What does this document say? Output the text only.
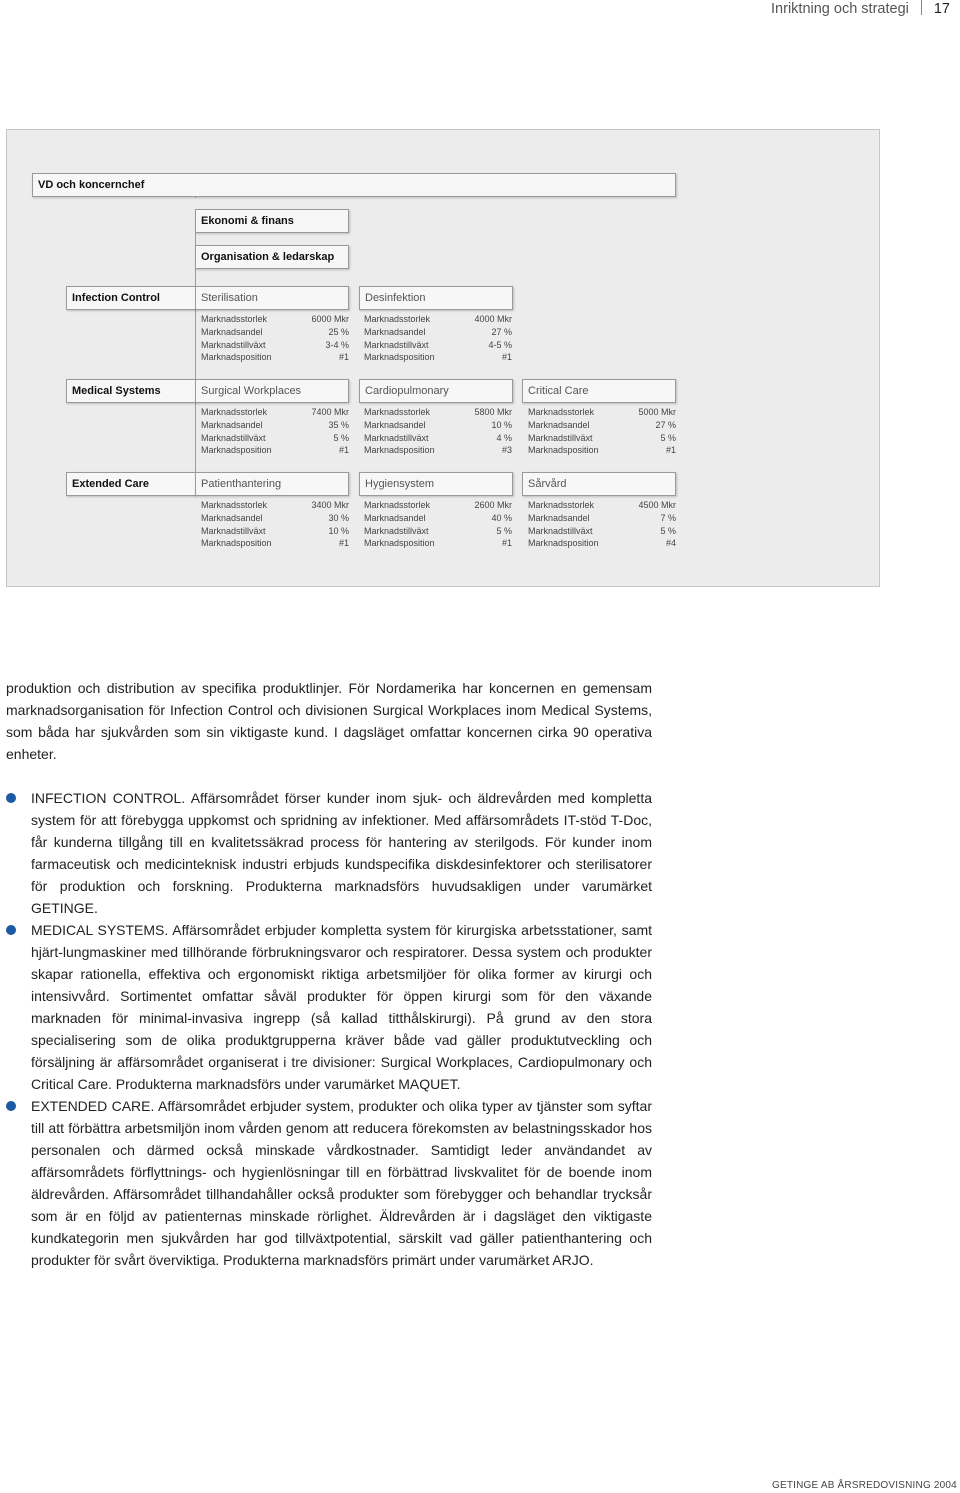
Inriktning och strategi 17
VD och koncernchef
Ekonomi & finans
Organisation & ledarskap
Infection Control	Sterilisation	Desinfektion
Marknadsstorlek	6000 Mkr
Marknadsandel	25 %
Marknadstillväxt	3-4 %
Marknadsposition	#1
Marknadsstorlek	4000 Mkr
Marknadsandel	27 %
Marknadstillväxt	4-5 %
Marknadsposition	#1
Medical Systems	Surgical Workplaces	Cardiopulmonary	Critical Care
Marknadsstorlek	7400 Mkr
Marknadsandel	35 %
Marknadstillväxt	5 %
Marknadsposition	#1
Marknadsstorlek	5800 Mkr
Marknadsandel	10 %
Marknadstillväxt	4 %
Marknadsposition	#3
Marknadsstorlek	5000 Mkr
Marknadsandel	27 %
Marknadstillväxt	5 %
Marknadsposition	#1
Extended Care	Patienthantering	Hygiensystem	Sårvård
Marknadsstorlek	3400 Mkr
Marknadsandel	30 %
Marknadstillväxt	10 %
Marknadsposition	#1
Marknadsstorlek	2600 Mkr
Marknadsandel	40 %
Marknadstillväxt	5 %
Marknadsposition	#1
Marknadsstorlek	4500 Mkr
Marknadsandel	7 %
Marknadstillväxt	5 %
Marknadsposition	#4

produktion och distribution av specifika produktlinjer. För Nordamerika har koncernen en gemensam marknadsorganisation för Infection Control och divisionen Surgical Workplaces inom Medical Systems, som båda har sjukvården som sin viktigaste kund. I dagsläget omfattar koncernen cirka 90 operativa enheter.

INFECTION CONTROL. Affärsområdet förser kunder inom sjuk- och äldrevården med kompletta system för att förebygga uppkomst och spridning av infektioner. Med affärsområdets IT-stöd T-Doc, får kunderna tillgång till en kvalitetssäkrad process för hantering av sterilgods. För kunder inom farmaceutisk och medicinteknisk industri erbjuds kundspecifika diskdesinfektorer och sterilisatorer för produktion och forskning. Produkterna marknadsförs huvudsakligen under varumärket GETINGE.
MEDICAL SYSTEMS. Affärsområdet erbjuder kompletta system för kirurgiska arbetsstationer, samt hjärt-lungmaskiner med tillhörande förbrukningsvaror och respiratorer. Dessa system och produkter skapar rationella, effektiva och ergonomiskt riktiga arbetsmiljöer för olika former av kirurgi och intensivvård. Sortimentet omfattar såväl produkter för öppen kirurgi som för den växande marknaden för minimal-invasiva ingrepp (så kallad titthålskirurgi). På grund av den stora specialisering som de olika produktgrupperna kräver både vad gäller produktutveckling och försäljning är affärsområdet organiserat i tre divisioner: Surgical Workplaces, Cardiopulmonary och Critical Care. Produkterna marknadsförs under varumärket MAQUET.
EXTENDED CARE. Affärsområdet erbjuder system, produkter och olika typer av tjänster som syftar till att förbättra arbetsmiljön inom vården genom att reducera förekomsten av belastningsskador hos personalen och därmed också minskade vårdkostnader. Samtidigt leder användandet av affärsområdets förflyttnings- och hygienlösningar till en förbättrad livskvalitet för de boende inom äldrevården. Affärsområdet tillhandahåller också produkter som förebygger och behandlar trycksår som är en följd av patienternas minskade rörlighet. Äldrevården är i dagsläget den viktigaste kundkategorin men sjukvården har god tillväxtpotential, särskilt vad gäller patienthantering och produkter för svårt överviktiga. Produkterna marknadsförs primärt under varumärket ARJO.
GETINGE AB ÅRSREDOVISNING 2004
